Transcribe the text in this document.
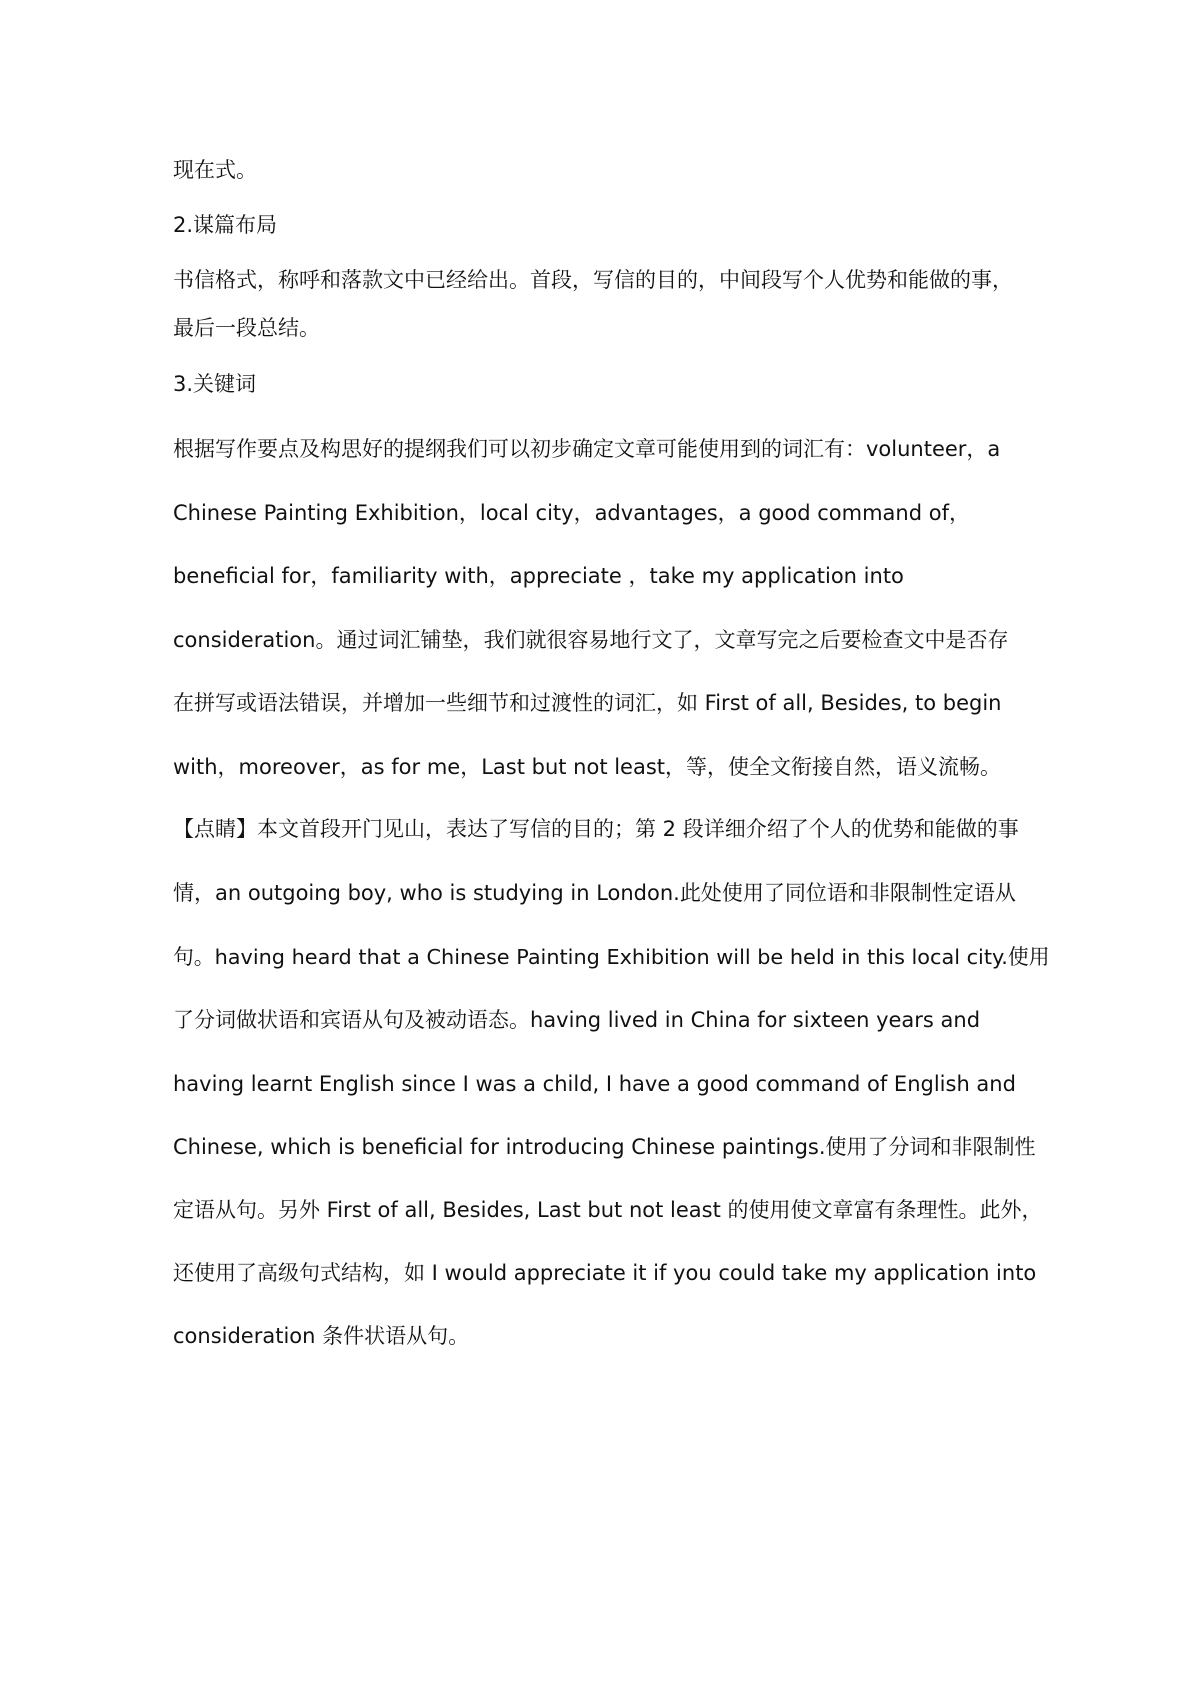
现在式。
2.谋篇布局
书信格式，称呼和落款文中已经给出。首段，写信的目的，中间段写个人优势和能做的事，
最后一段总结。
3.关键词
根据写作要点及构思好的提纲我们可以初步确定文章可能使用到的词汇有：volunteer，a
Chinese Painting Exhibition，local city，advantages，a good command of，
beneficial for，familiarity with，appreciate ，take my application into
consideration。通过词汇铺垫，我们就很容易地行文了，文章写完之后要检查文中是否存
在拼写或语法错误，并增加一些细节和过渡性的词汇，如 First of all, Besides, to begin
with，moreover，as for me，Last but not least，等，使全文衔接自然，语义流畅。
【点睛】本文首段开门见山，表达了写信的目的；第 2 段详细介绍了个人的优势和能做的事
情，an outgoing boy, who is studying in London.此处使用了同位语和非限制性定语从
句。having heard that a Chinese Painting Exhibition will be held in this local city.使用
了分词做状语和宾语从句及被动语态。having lived in China for sixteen years and
having learnt English since I was a child, I have a good command of English and
Chinese, which is beneficial for introducing Chinese paintings.使用了分词和非限制性
定语从句。另外 First of all, Besides, Last but not least 的使用使文章富有条理性。此外，
还使用了高级句式结构，如 I would appreciate it if you could take my application into
consideration 条件状语从句。
